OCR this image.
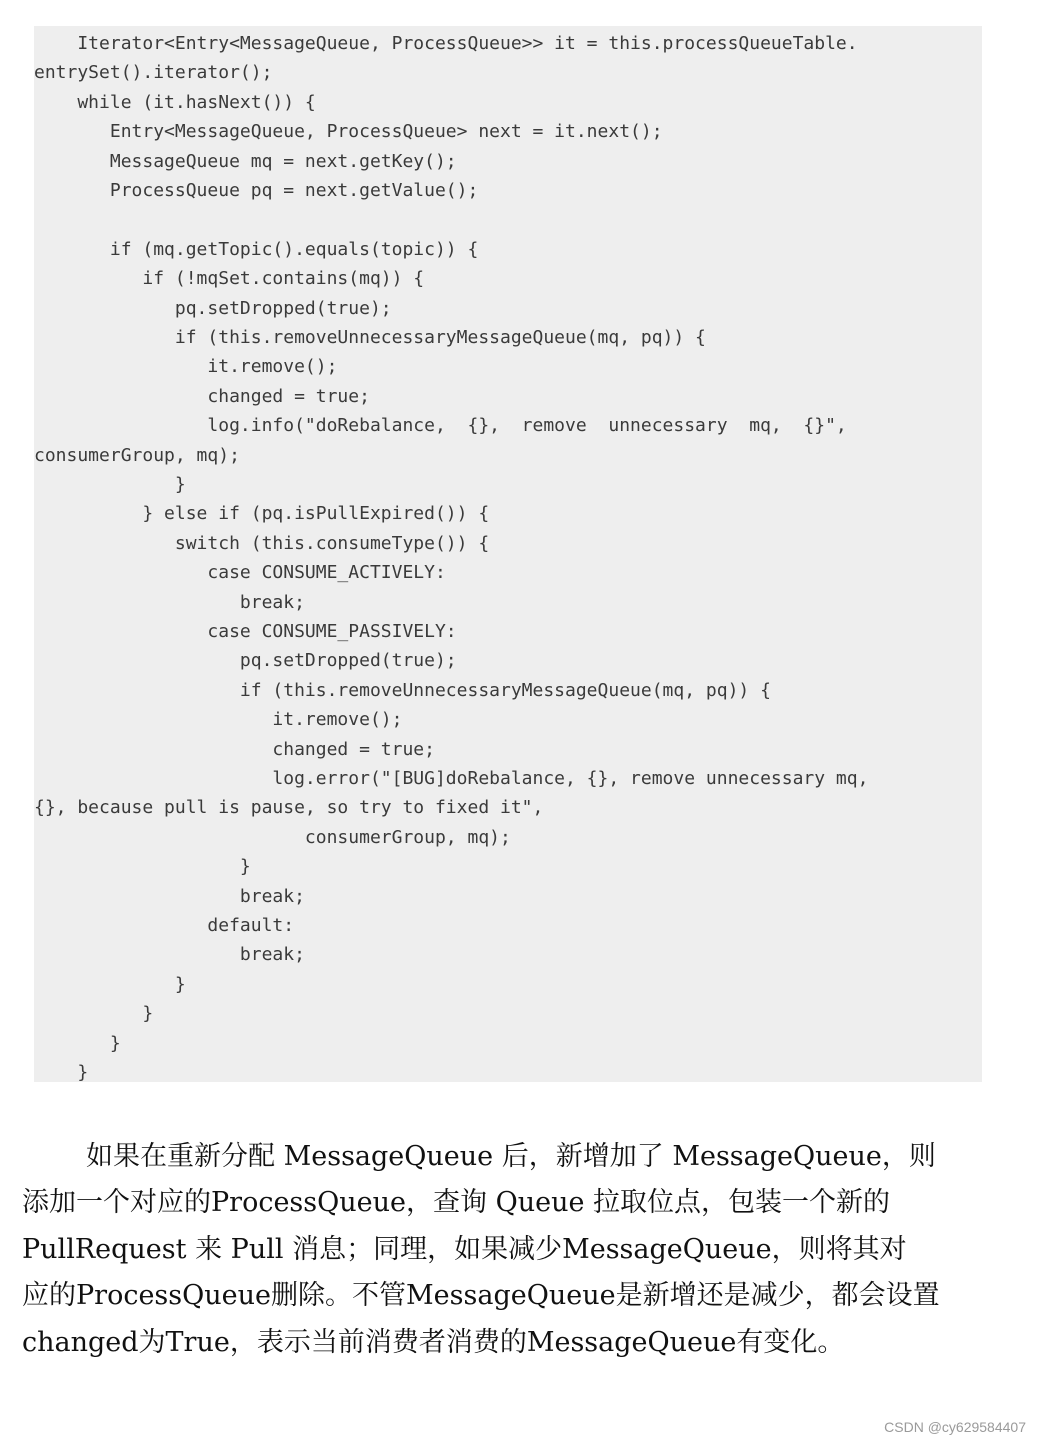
Iterator<Entry<MessageQueue, ProcessQueue>> it = this.processQueueTable.
entrySet().iterator();
while (it.hasNext()) {
Entry<MessageQueue, ProcessQueue> next = it.next();
MessageQueue mq = next.getKey();
ProcessQueue pq = next.getValue();
if (mq.getTopic().equals(topic)) {
if (!mqSet.contains(mq)) {
pq.setDropped(true);
if (this.removeUnnecessaryMessageQueue(mq, pq)) {
it.remove();
changed = true;
log.info("doRebalance,  {},  remove  unnecessary  mq,  {}",
consumerGroup, mq);
}
} else if (pq.isPullExpired()) {
switch (this.consumeType()) {
case CONSUME_ACTIVELY:
break;
case CONSUME_PASSIVELY:
pq.setDropped(true);
if (this.removeUnnecessaryMessageQueue(mq, pq)) {
it.remove();
changed = true;
log.error("[BUG]doRebalance, {}, remove unnecessary mq,
{}, because pull is pause, so try to fixed it",
consumerGroup, mq);
}
break;
default:
break;
}
}
}
}
如果在重新分配 MessageQueue 后，新增加了 MessageQueue，则
添加一个对应的ProcessQueue，查询 Queue 拉取位点，包装一个新的
PullRequest 来 Pull 消息；同理，如果减少MessageQueue，则将其对
应的ProcessQueue删除。不管MessageQueue是新增还是减少，都会设置
changed为True，表示当前消费者消费的MessageQueue有变化。
CSDN @cy629584407
